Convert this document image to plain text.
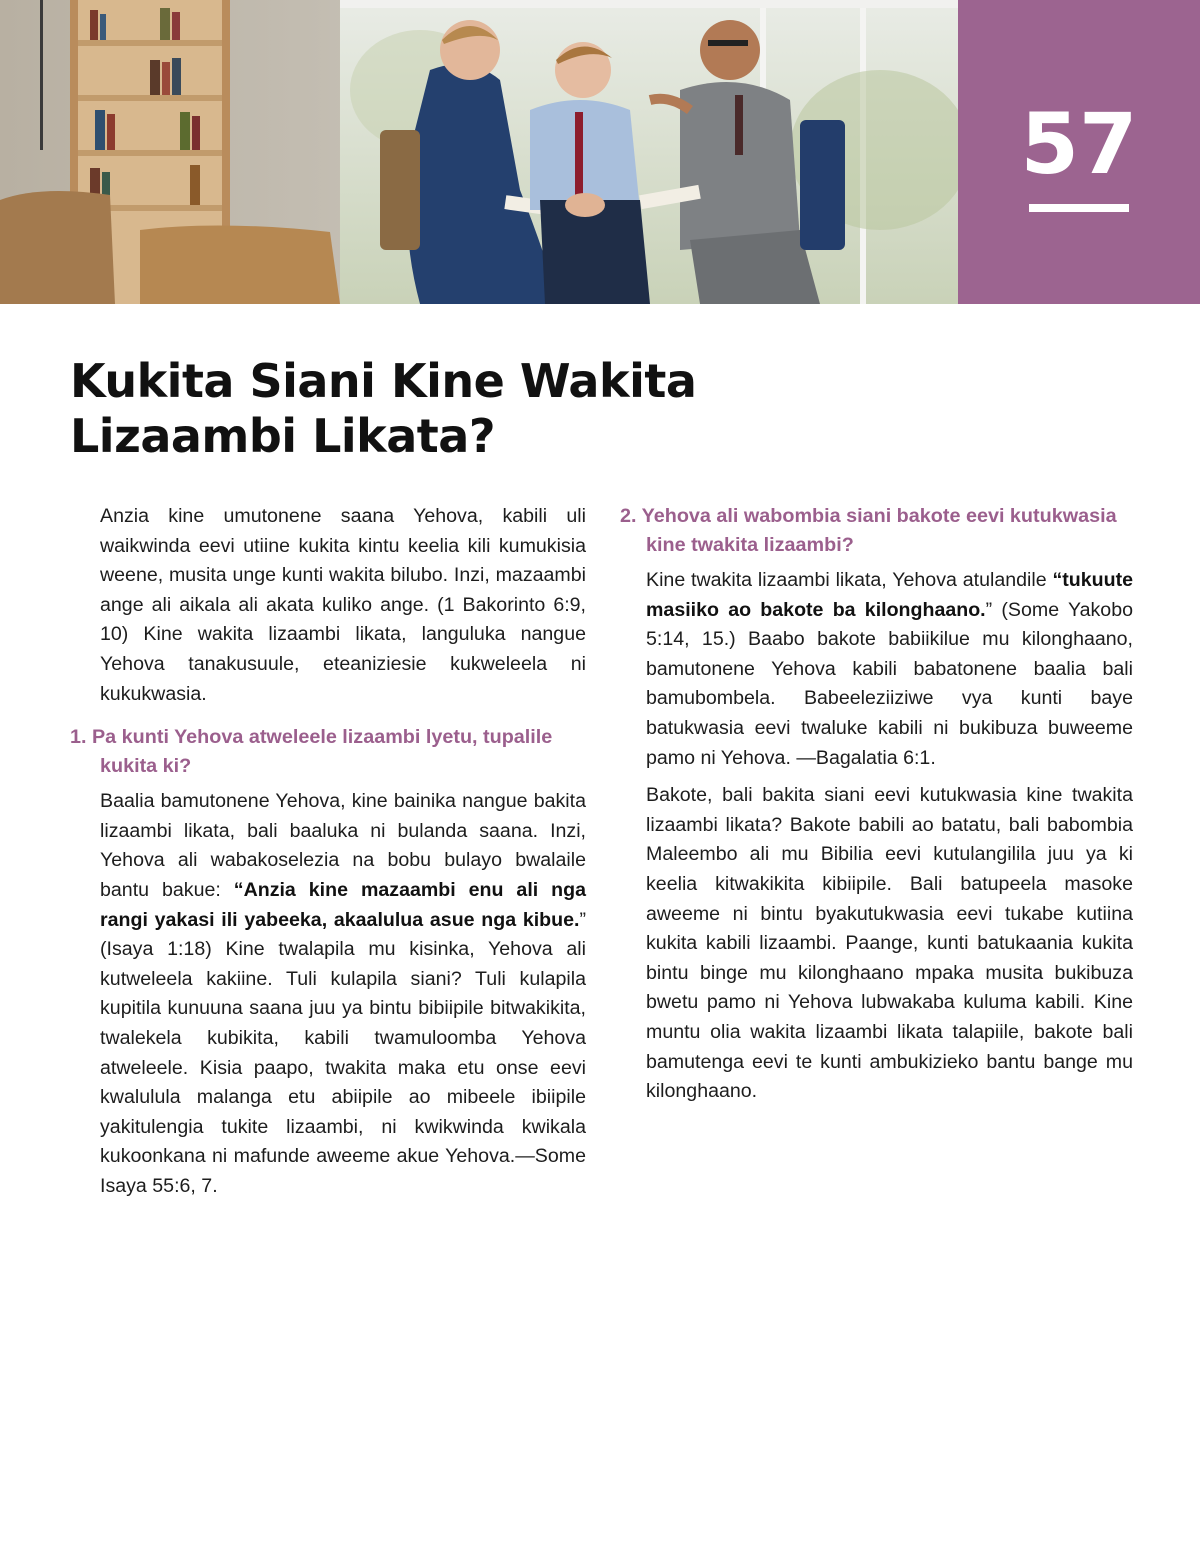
57
Kukita Siani Kine Wakita
Lizaambi Likata?

Anzia kine umutonene saana Yehova, kabili uli waikwinda eevi utiine kukita kintu keelia kili kumukisia weene, musita unge kunti wakita bilubo. Inzi, mazaambi ange ali aikala ali akata kuliko ange. (1 Bakorinto 6:9, 10) Kine wakita lizaambi likata, languluka nangue Yehova tanakusuule, eteaniziesie kukweleela ni kukukwasia.

1. Pa kunti Yehova atweleele lizaambi lyetu, tupalile kukita ki?

Baalia bamutonene Yehova, kine bainika nangue bakita lizaambi likata, bali baaluka ni bulanda saana. Inzi, Yehova ali wabakoselezia na bobu bulayo bwalaile bantu bakue: “Anzia kine mazaambi enu ali nga rangi yakasi ili yabeeka, akaalulua asue nga kibue.” (Isaya 1:18) Kine twalapila mu kisinka, Yehova ali kutweleela kakiine. Tuli kulapila siani? Tuli kulapila kupitila kunuuna saana juu ya bintu bibiipile bitwakikita, twalekela kubikita, kabili twamuloomba Yehova atweleele. Kisia paapo, twakita maka etu onse eevi kwalulula malanga etu abiipile ao mibeele ibiipile yakitulengia tukite lizaambi, ni kwikwinda kwikala kukoonkana ni mafunde aweeme akue Yehova.—Some Isaya 55:6, 7.

2. Yehova ali wabombia siani bakote eevi kutukwasia kine twakita lizaambi?

Kine twakita lizaambi likata, Yehova atulandile “tukuute masiiko ao bakote ba kilonghaano.” (Some Yakobo 5:14, 15.) Baabo bakote babiikilue mu kilonghaano, bamutonene Yehova kabili babatonene baalia bali bamubombela. Babeeleziiziwe vya kunti baye batukwasia eevi twaluke kabili ni bukibuza buweeme pamo ni Yehova. —Bagalatia 6:1.

Bakote, bali bakita siani eevi kutukwasia kine twakita lizaambi likata? Bakote babili ao batatu, bali babombia Maleembo ali mu Bibilia eevi kutulangilila juu ya ki keelia kitwakikita kibiipile. Bali batupeela masoke aweeme ni bintu byakutukwasia eevi tukabe kutiina kukita kabili lizaambi. Paange, kunti batukaania kukita bintu binge mu kilonghaano mpaka musita bukibuza bwetu pamo ni Yehova lubwakaba kuluma kabili. Kine muntu olia wakita lizaambi likata talapiile, bakote bali bamutenga eevi te kunti ambukizieko bantu bange mu kilonghaano.
